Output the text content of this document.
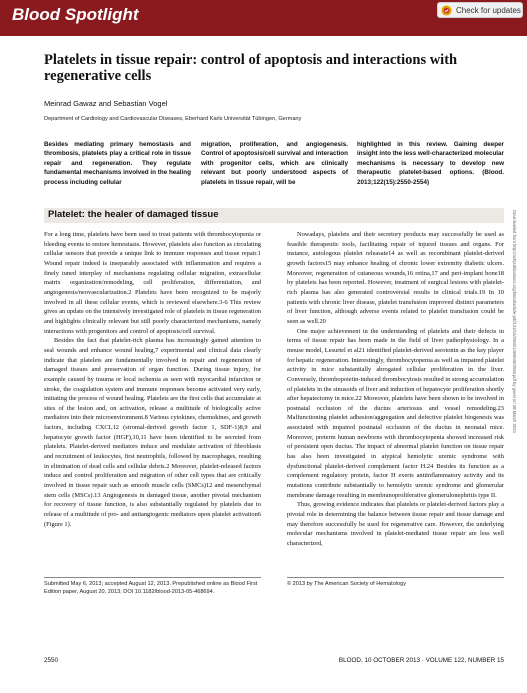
Blood Spotlight	Check for updates
Platelets in tissue repair: control of apoptosis and interactions with regenerative cells
Meinrad Gawaz and Sebastian Vogel
Department of Cardiology and Cardiovascular Diseases, Eberhard Karls Universität Tübingen, Germany
Besides mediating primary hemostasis and thrombosis, platelets play a critical role in tissue repair and regeneration. They regulate fundamental mechanisms involved in the healing process including cellular
migration, proliferation, and angiogenesis. Control of apoptosis/cell survival and interaction with progenitor cells, which are clinically relevant but poorly understood aspects of platelets in tissue repair, will be
highlighted in this review. Gaining deeper insight into the less well-characterized molecular mechanisms is necessary to develop new therapeutic platelet-based options. (Blood. 2013;122(15):2550-2554)
Platelet: the healer of damaged tissue

For a long time, platelets have been used to treat patients with thrombocytopenia or bleeding events to restore hemostasis. However, platelets also function as circulating cellular sensors that provide a unique link to immune responses and tissue repair.1 Wound repair indeed is inseparably associated with inflammation and requires a finely tuned interplay of mechanisms regulating cellular migration, extracellular matrix organization/remodeling, cell proliferation, differentiation, and angiogenesis/neovascularization.2 Platelets have been recognized to be majorly involved in all these cellular events, which is reviewed elsewhere.3-6 This review gives an update on the intensively investigated role of platelets in tissue regeneration and highlights clinically relevant but still poorly characterized mechanisms, namely interactions with progenitors and control of apoptosis/cell survival.

Besides the fact that platelet-rich plasma has increasingly gained attention to seal wounds and enhance wound healing,7 experimental and clinical data clearly indicate that platelets are fundamentally involved in repair and regeneration of damaged tissues and preservation of organ function. During tissue injury, for example caused by trauma or local ischemia as seen with myocardial infarction or stroke, the coagulation system and immune responses become activated very early, initiating the process of wound healing. Platelets are the first cells that accumulate at sites of the lesion and, on activation, release a multitude of biologically active mediators into their microenvironment.8 Various cytokines, chemokines, and growth factors, including CXCL12 (stromal-derived growth factor 1, SDF-1)8,9 and hepatocyte growth factor (HGF),10,11 have been identified to be secreted from platelets. Platelet-derived mediators induce and modulate activation of fibroblasts and recruitment of leukocytes, first neutrophils, followed by macrophages, resulting in elimination of dead cells and cellular debris.2 Moreover, platelet-released factors induce and control proliferation and migration of other cell types that are critically involved in tissue repair such as smooth muscle cells (SMCs)12 and mesenchymal stem cells (MSCs).13 Angiogenesis in damaged tissue, another pivotal mechanism for recovery of tissue function, is also substantially regulated by platelets due to release of a multitude of pro- and antiangiogenic mediators upon platelet activation6 (Figure 1).

Nowadays, platelets and their secretory products may successfully be used as feasible therapeutic tools, facilitating repair of injured tissues and organs. For instance, autologous platelet releasate14 as well as recombinant platelet-derived growth factors15 may enhance healing of chronic lower extremity diabetic ulcers. Moreover, regeneration of cutaneous wounds,16 retina,17 and peri-implant bone18 by platelets has been reported. However, treatment of surgical lesions with platelet-rich plasma has also generated controversial results in clinical trials.19 In 10 patients with chronic liver disease, platelet transfusion improved distinct parameters of liver function, although adverse events related to platelet transfusion could be seen as well.20

One major achievement in the understanding of platelets and their defects in terms of tissue repair has been made in the field of liver pathophysiology. In a mouse model, Lesurtel et al21 identified platelet-derived serotonin as the key player for hepatic regeneration. Interestingly, thrombocytopenia as well as impaired platelet activity in mice substantially abrogated cellular proliferation in the liver. Conversely, thrombopoietin-induced thrombocytosis resulted in strong accumulation of platelets in the sinusoids of liver and induction of hepatocyte proliferation shortly after hepatectomy in mice.22 Moreover, platelets have been shown to be involved in postnatal occlusion of the ductus arteriosus and vessel remodeling.23 Malfunctioning platelet adhesion/aggregation and defective platelet biogenesis was associated with impaired postnatal occlusion of the ductus in neonatal mice. Moreover, preterm human newborns with thrombocytopenia showed increased risk of persistent open ductus. The impact of abnormal platelet function on tissue repair has also been investigated in atypical hemolytic uremic syndrome with dysfunctional platelet-derived complement factor H.24 Besides its function as a complement regulatory protein, factor H exerts antiinflammatory activity and its mutations contribute substantially to hemolytic uremic syndrome and glomerular membrane damage resulting in membranoproliferative glomerulonephritis type II.

Thus, growing evidence indicates that platelets or platelet-derived factors play a pivotal role in determining the balance between tissue repair and tissue damage and may therefore successfully be used for regenerative care. However, the underlying molecular mechanisms involved in platelet-mediated tissue repair are less well characterized,

Downloaded from http://ashpublications.org/blood/article-pdf/122/15/2550/1369548/2550.pdf by guest on 28 March 2024
Submitted May 6, 2013; accepted August 12, 2013. Prepublished online as Blood First Edition paper, August 20, 2013; DOI 10.1182/blood-2013-05-468694.
© 2013 by The American Society of Hematology
2550	BLOOD, 10 OCTOBER 2013 · VOLUME 122, NUMBER 15
